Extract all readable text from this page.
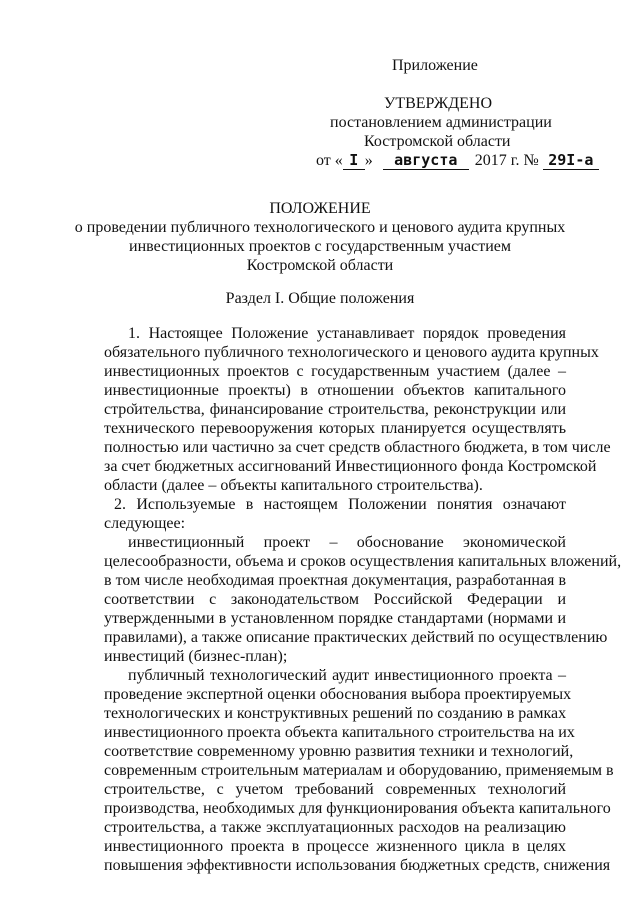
Приложение
УТВЕРЖДЕНО
постановлением администрации
Костромской области
от « I » августа 2017 г. № 29I-а
ПОЛОЖЕНИЕ
о проведении публичного технологического и ценового аудита крупных
инвестиционных проектов с государственным участием
Костромской области
Раздел I. Общие положения
1. Настоящее Положение устанавливает порядок проведения
обязательного публичного технологического и ценового аудита крупных
инвестиционных проектов с государственным участием (далее –
инвестиционные проекты) в отношении объектов капитального
стро̆ительства, финансирование строительства, реконструкции или
технического перевооружения которых планируется осуществлять
полностью или частично за счет средств областного бюджета, в том числе
за счет бюджетных ассигнований Инвестиционного фонда Костромской
области (далее – объекты капитального строительства).
2. Используемые в настоящем Положении понятия означают
следующее:
инвестиционный проект – обоснование экономической
целесообразности, объема и сроков осуществления капитальных вложений,
в том числе необходимая проектная документация, разработанная в
соответствии с законодательством Российской Федерации и
утвержденными в установленном порядке стандартами (нормами и
правилами), а также описание практических действий по осуществлению
инвестиций (бизнес-план);
публичный технологический аудит инвестиционного проекта –
проведение экспертной оценки обоснования выбора проектируемых
технологических и конструктивных решений по созданию в рамках
инвестиционного проекта объекта капитального строительства на их
соответствие современному уровню развития техники и технологий,
современным строительным материалам и оборудованию, применяемым в
строительстве, с учетом требований современных технологий
производства, необходимых для функционирования объекта капитального
строительства, а также эксплуатационных расходов на реализацию
инвестиционного проекта в процессе жизненного цикла в целях
повышения эффективности использования бюджетных средств, снижения
